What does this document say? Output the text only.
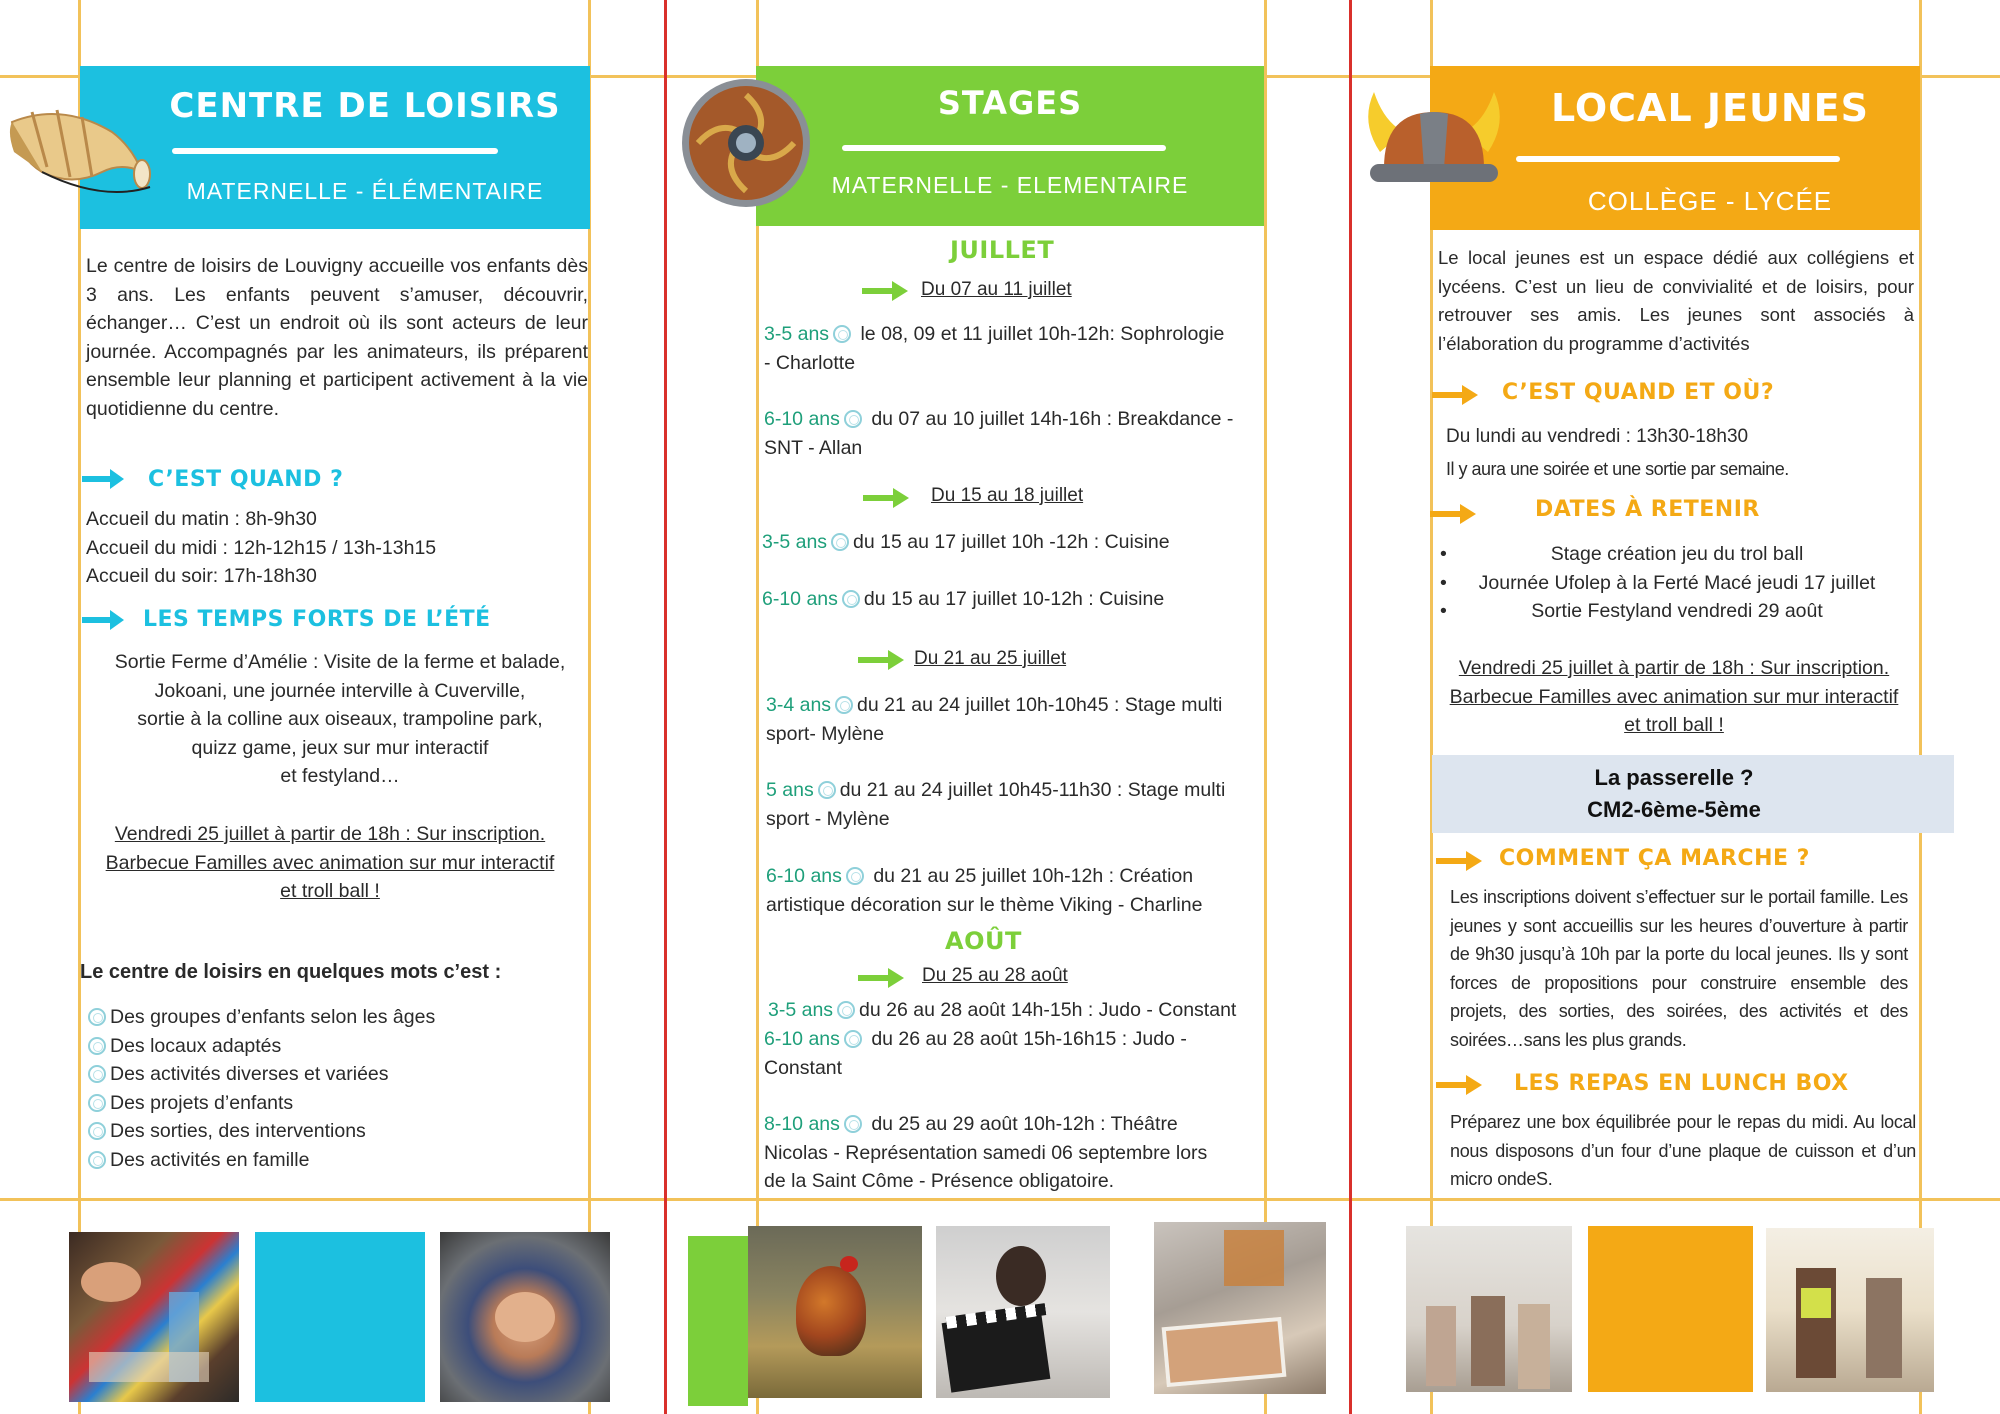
CENTRE DE LOISIRS
MATERNELLE - ÉLÉMENTAIRE
Le centre de loisirs de Louvigny accueille vos enfants dès 3 ans. Les enfants peuvent s’amuser, découvrir, échanger… C’est un endroit où ils sont acteurs de leur journée. Accompagnés par les animateurs, ils préparent ensemble leur planning et participent activement à la vie quotidienne du centre.
C’EST QUAND ?
Accueil du matin : 8h-9h30
Accueil du midi : 12h-12h15 / 13h-13h15
Accueil du soir: 17h-18h30
LES TEMPS FORTS DE L’ÉTÉ
Sortie Ferme d’Amélie : Visite de la ferme et balade,
Jokoani, une journée interville à Cuverville,
sortie à la colline aux oiseaux, trampoline park,
quizz game, jeux sur mur interactif
et festyland…
Vendredi 25 juillet à partir de 18h : Sur inscription.
Barbecue Familles avec animation sur mur interactif
et troll ball !
Le centre de loisirs en quelques mots c’est :
Des groupes d’enfants selon les âges
Des locaux adaptés
Des activités diverses et variées
Des projets d’enfants
Des sorties, des interventions
Des activités en famille
STAGES
MATERNELLE - ELEMENTAIRE
JUILLET
Du 07 au 11 juillet
3-5 ans le 08, 09 et 11 juillet 10h-12h: Sophrologie
- Charlotte
6-10 ans du 07 au 10 juillet 14h-16h : Breakdance -
SNT - Allan
Du 15 au 18 juillet
3-5 ans du 15 au 17 juillet 10h -12h : Cuisine
6-10 ans du 15 au 17 juillet 10-12h : Cuisine
Du 21 au 25 juillet
3-4 ans du 21 au 24 juillet 10h-10h45 : Stage multi
sport- Mylène
5 ans du 21 au 24 juillet 10h45-11h30 : Stage multi
sport - Mylène
6-10 ans du 21 au 25 juillet 10h-12h : Création
artistique décoration sur le thème Viking - Charline
AOÛT
Du 25 au 28 août
3-5 ans du 26 au 28 août 14h-15h : Judo - Constant
6-10 ans du 26 au 28 août 15h-16h15 : Judo -
Constant
8-10 ans du 25 au 29 août 10h-12h : Théâtre
Nicolas - Représentation samedi 06 septembre lors
de la Saint Côme - Présence obligatoire.
LOCAL JEUNES
COLLÈGE - LYCÉE
Le local jeunes est un espace dédié aux collégiens et lycéens. C’est un lieu de convivialité et de loisirs, pour retrouver ses amis. Les jeunes sont associés à l’élaboration du programme d’activités
C’EST QUAND ET OÙ?
Du lundi au vendredi : 13h30-18h30
Il y aura une soirée et une sortie par semaine.
DATES À RETENIR
•	Stage création jeu du trol ball
• Journée Ufolep à la Ferté Macé jeudi 17 juillet
•	Sortie Festyland vendredi 29 août
Vendredi 25 juillet à partir de 18h : Sur inscription.
Barbecue Familles avec animation sur mur interactif
et troll ball !
La passerelle ?
CM2-6ème-5ème
COMMENT ÇA MARCHE ?
Les inscriptions doivent s’effectuer sur le portail famille. Les jeunes y sont accueillis sur les heures d’ouverture à partir de 9h30 jusqu’à 10h par la porte du local jeunes. Ils y sont forces de propositions pour construire ensemble des projets, des sorties, des soirées, des activités et des soirées…sans les plus grands.
LES REPAS EN LUNCH BOX
Préparez une box équilibrée pour le repas du midi. Au local nous disposons d’un four d’une plaque de cuisson et d’un micro ondeS.
